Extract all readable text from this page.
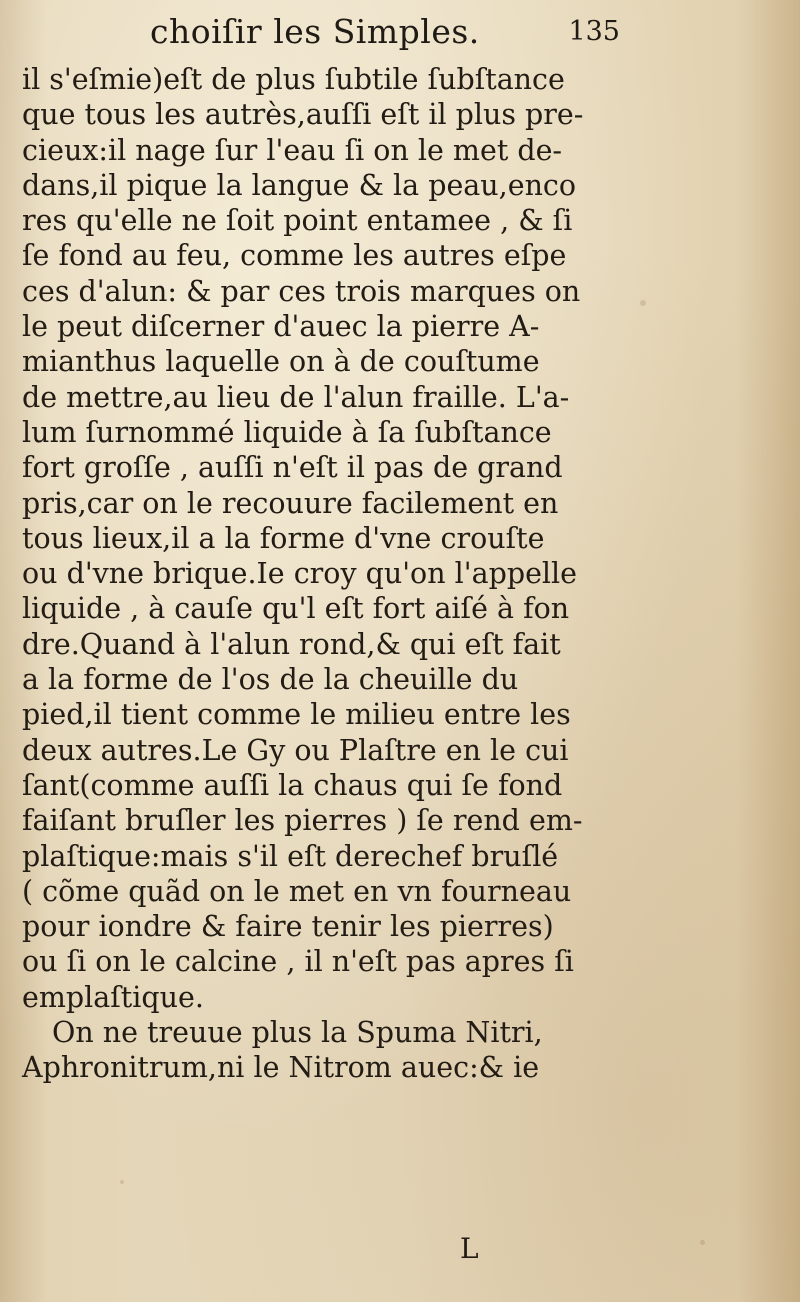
choiſir les Simples.	135
il s'eſmie)eſt de plus ſubtile ſubſtance
que tous les autrès,auſſi eſt il plus pre-
cieux:il nage ſur l'eau ſi on le met de-
dans,il pique la langue & la peau,enco
res qu'elle ne ſoit point entamee , & ſi
ſe fond au feu, comme les autres eſpe
ces d'alun: & par ces trois marques on
le peut diſcerner d'auec la pierre A-
mianthus laquelle on à de couſtume
de mettre,au lieu de l'alun fraille. L'a-
lum ſurnommé liquide à ſa ſubſtance
fort groſſe , auſſi n'eſt il pas de grand
pris,car on le recouure facilement en
tous lieux,il a la forme d'vne crouſte
ou d'vne brique.Ie croy qu'on l'appelle
liquide , à cauſe qu'l eſt fort aiſé à fon
dre.Quand à l'alun rond,& qui eſt fait
a la forme de l'os de la cheuille du
pied,il tient comme le milieu entre les
deux autres.Le Gy ou Plaſtre en le cui
ſant(comme auſſi la chaus qui ſe fond
faiſant bruſler les pierres ) ſe rend em-
plaſtique:mais s'il eſt derechef bruſlé
( cõme quãd on le met en vn fourneau
pour iondre & faire tenir les pierres)
ou ſi on le calcine , il n'eſt pas apres ſi
emplaſtique.
On ne treuue plus la Spuma Nitri,
Aphronitrum,ni le Nitrom auec:& ie
L
